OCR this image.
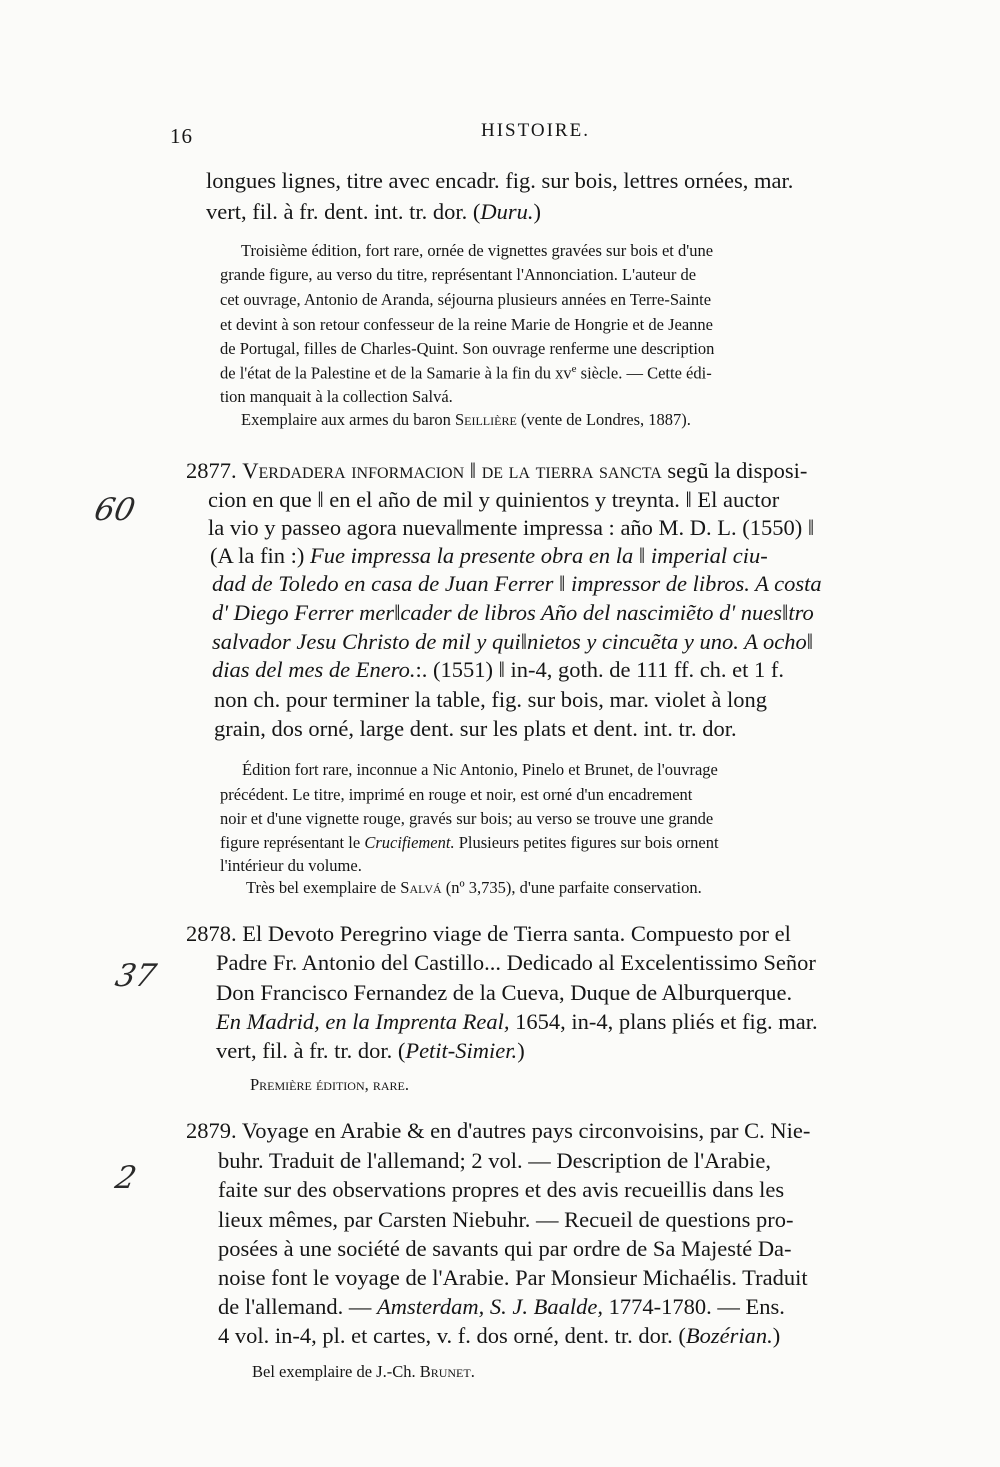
16	HISTOIRE.
longues lignes, titre avec encadr. fig. sur bois, lettres ornées, mar.
vert, fil. à fr. dent. int. tr. dor. (Duru.)
Troisième édition, fort rare, ornée de vignettes gravées sur bois et d'une
grande figure, au verso du titre, représentant l'Annonciation. L'auteur de
cet ouvrage, Antonio de Aranda, séjourna plusieurs années en Terre-Sainte
et devint à son retour confesseur de la reine Marie de Hongrie et de Jeanne
de Portugal, filles de Charles-Quint. Son ouvrage renferme une description
de l'état de la Palestine et de la Samarie à la fin du $xv^e$ siècle. — Cette édi-
tion manquait à la collection Salvá.
Exemplaire aux armes du baron Seillière (vente de Londres, 1887).
2877. Verdadera informacion ‖ de la tierra sancta segũ la disposi-
cion en que ‖ en el año de mil y quinientos y treynta. ‖ El auctor
la vio y passeo agora nueva‖mente impressa : año M. D. L. (1550) ‖
(A la fin :) Fue impressa la presente obra en la ‖ imperial ciu-
dad de Toledo en casa de Juan Ferrer ‖ impressor de libros. A costa
d' Diego Ferrer mer‖cader de libros Año del nascimiẽto d' nues‖tro
salvador Jesu Christo de mil y qui‖nietos y cincuẽta y uno. A ocho‖
dias del mes de Enero.:. (1551) ‖ in-4, goth. de 111 ff. ch. et 1 f.
non ch. pour terminer la table, fig. sur bois, mar. violet à long
grain, dos orné, large dent. sur les plats et dent. int. tr. dor.
Édition fort rare, inconnue a Nic Antonio, Pinelo et Brunet, de l'ouvrage
précédent. Le titre, imprimé en rouge et noir, est orné d'un encadrement
noir et d'une vignette rouge, gravés sur bois; au verso se trouve une grande
figure représentant le Crucifiement. Plusieurs petites figures sur bois ornent
l'intérieur du volume.
Très bel exemplaire de Salvá (nº 3,735), d'une parfaite conservation.
2878. El Devoto Peregrino viage de Tierra santa. Compuesto por el
Padre Fr. Antonio del Castillo... Dedicado al Excelentissimo Señor
Don Francisco Fernandez de la Cueva, Duque de Alburquerque.
En Madrid, en la Imprenta Real, 1654, in-4, plans pliés et fig. mar.
vert, fil. à fr. tr. dor. (Petit-Simier.)
Première édition, rare.
2879. Voyage en Arabie & en d'autres pays circonvoisins, par C. Nie-
buhr. Traduit de l'allemand; 2 vol. — Description de l'Arabie,
faite sur des observations propres et des avis recueillis dans les
lieux mêmes, par Carsten Niebuhr. — Recueil de questions pro-
posées à une société de savants qui par ordre de Sa Majesté Da-
noise font le voyage de l'Arabie. Par Monsieur Michaélis. Traduit
de l'allemand. — Amsterdam, S. J. Baalde, 1774-1780. — Ens.
4 vol. in-4, pl. et cartes, v. f. dos orné, dent. tr. dor. (Bozérian.)
Bel exemplaire de J.-Ch. Brunet.
60
37
2
